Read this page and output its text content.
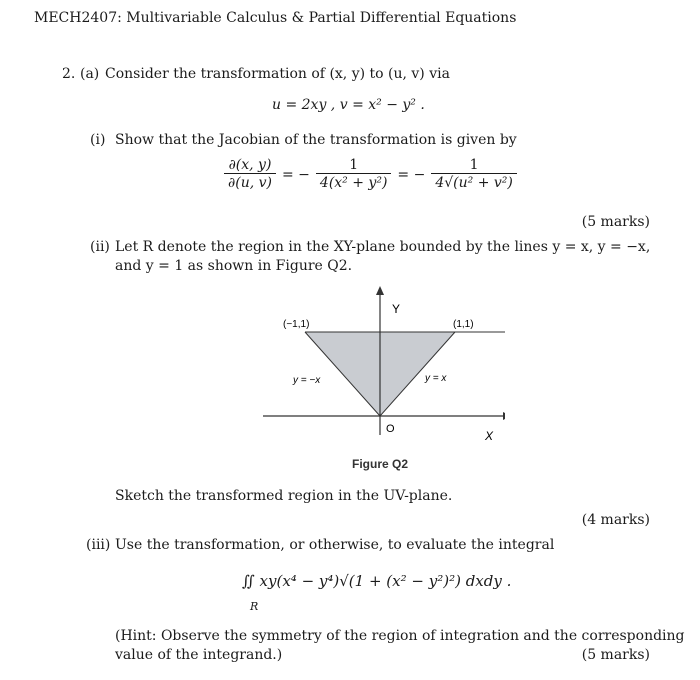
MECH2407: Multivariable Calculus & Partial Differential Equations
2. (a) Consider the transformation of (x, y) to (u, v) via
u = 2xy , v = x² − y² .
(i) Show that the Jacobian of the transformation is given by
$\frac{\partial(x, y)}{\partial(u, v)}$ = − $\frac{1}{\text{4(x² + y²)}}$ = − $\frac{1}{\text{4√(u² + v²)}}$
(5 marks)
(ii) Let R denote the region in the XY-plane bounded by the lines y = x, y = −x,
and y = 1 as shown in Figure Q2.
Y
X
O
(−1,1)	(1,1)
y = −x	y = x
Figure Q2
Sketch the transformed region in the UV-plane.
(4 marks)
(iii) Use the transformation, or otherwise, to evaluate the integral
∬ xy(x⁴ − y⁴)√(1 + (x² − y²)²) dxdy .
R
(Hint: Observe the symmetry of the region of integration and the corresponding
value of the integrand.)	(5 marks)
